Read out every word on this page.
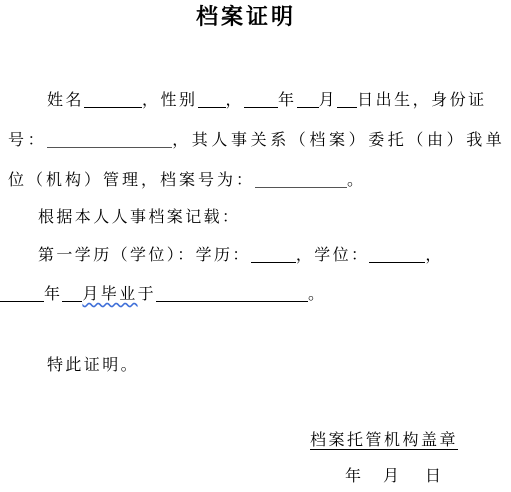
档案证明
姓名	，性别 ， 年 月 日出生，身份证
号：	，其人事关系（档案）委托（由）我单
位（机构）管理，档案号为：	。
根据本人人事档案记载：
第一学历（学位）：学历：	，学位：	，
年 月毕业于	。
特此证明。
档案托管机构盖章
年 月 日
